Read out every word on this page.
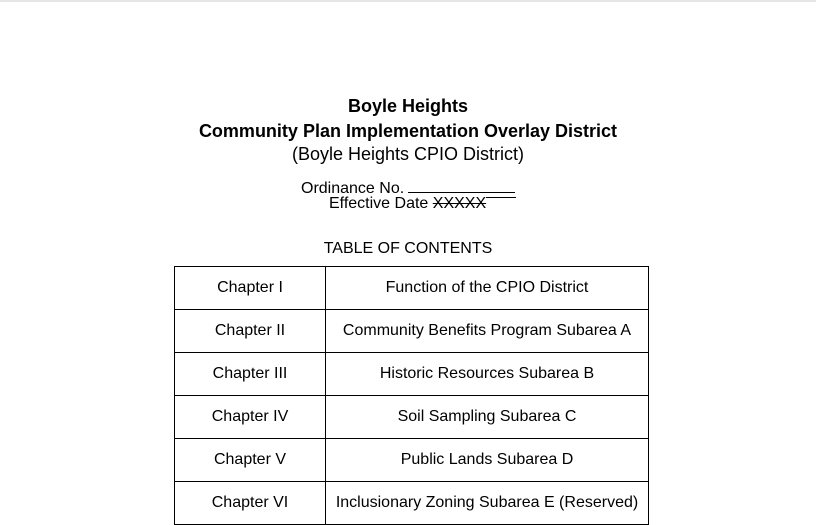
Boyle Heights
Community Plan Implementation Overlay District
(Boyle Heights CPIO District)
Ordinance No.
Effective Date XXXXX
TABLE OF CONTENTS
Chapter I	Function of the CPIO District
Chapter II	Community Benefits Program Subarea A
Chapter III	Historic Resources Subarea B
Chapter IV	Soil Sampling Subarea C
Chapter V	Public Lands Subarea D
Chapter VI	Inclusionary Zoning Subarea E (Reserved)
